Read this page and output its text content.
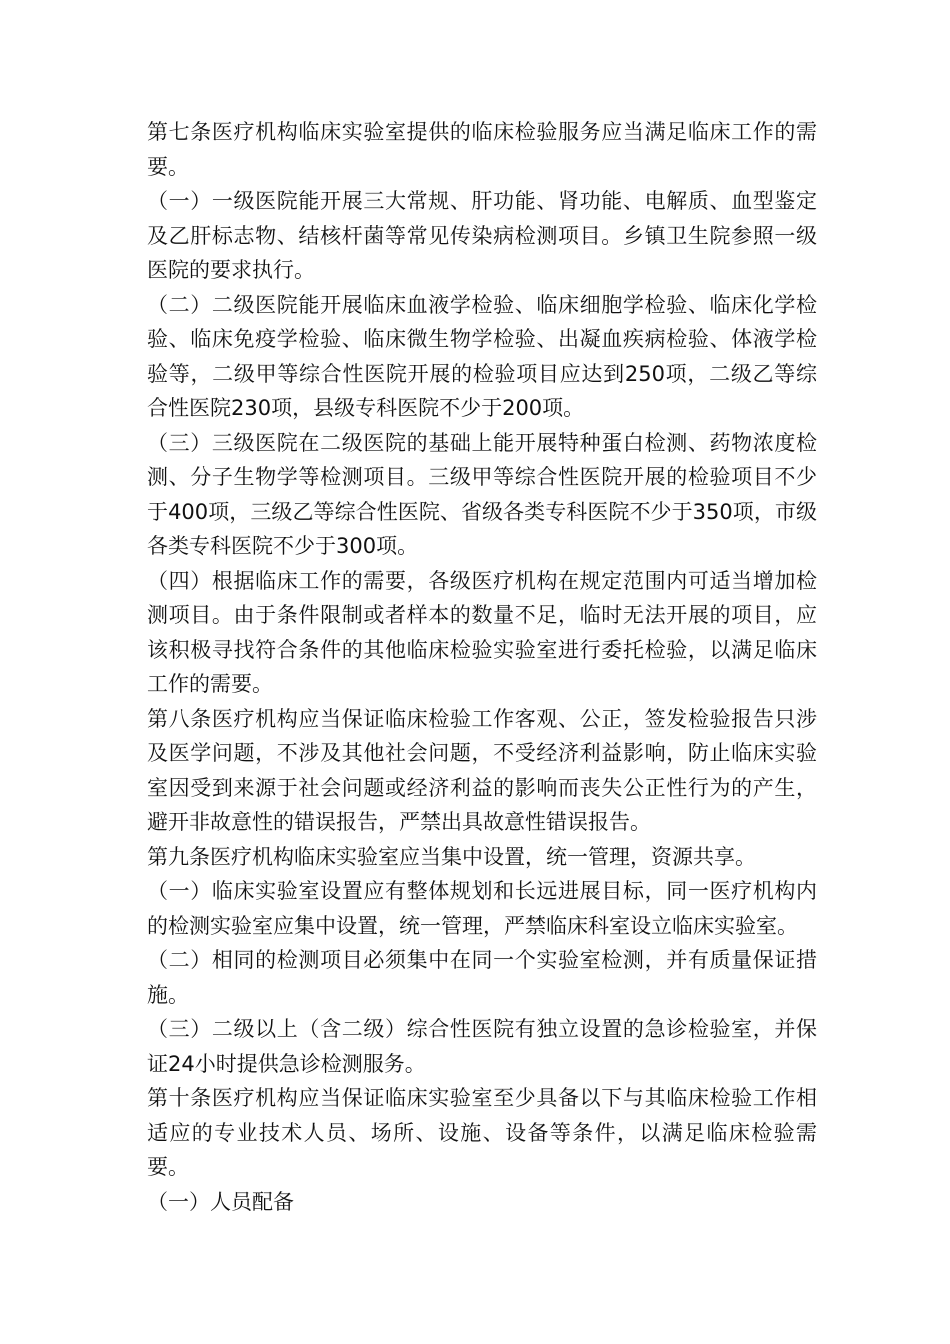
第七条医疗机构临床实验室提供的临床检验服务应当满足临床工作的需要。

（一）一级医院能开展三大常规、肝功能、肾功能、电解质、血型鉴定及乙肝标志物、结核杆菌等常见传染病检测项目。乡镇卫生院参照一级医院的要求执行。

（二）二级医院能开展临床血液学检验、临床细胞学检验、临床化学检验、临床免疫学检验、临床微生物学检验、出凝血疾病检验、体液学检验等，二级甲等综合性医院开展的检验项目应达到250项，二级乙等综合性医院230项，县级专科医院不少于200项。

（三）三级医院在二级医院的基础上能开展特种蛋白检测、药物浓度检测、分子生物学等检测项目。三级甲等综合性医院开展的检验项目不少于400项，三级乙等综合性医院、省级各类专科医院不少于350项，市级各类专科医院不少于300项。

（四）根据临床工作的需要，各级医疗机构在规定范围内可适当增加检测项目。由于条件限制或者样本的数量不足，临时无法开展的项目，应该积极寻找符合条件的其他临床检验实验室进行委托检验，以满足临床工作的需要。

第八条医疗机构应当保证临床检验工作客观、公正，签发检验报告只涉及医学问题，不涉及其他社会问题，不受经济利益影响，防止临床实验室因受到来源于社会问题或经济利益的影响而丧失公正性行为的产生，避开非故意性的错误报告，严禁出具故意性错误报告。

第九条医疗机构临床实验室应当集中设置，统一管理，资源共享。

（一）临床实验室设置应有整体规划和长远进展目标，同一医疗机构内的检测实验室应集中设置，统一管理，严禁临床科室设立临床实验室。

（二）相同的检测项目必须集中在同一个实验室检测，并有质量保证措施。

（三）二级以上（含二级）综合性医院有独立设置的急诊检验室，并保证24小时提供急诊检测服务。

第十条医疗机构应当保证临床实验室至少具备以下与其临床检验工作相适应的专业技术人员、场所、设施、设备等条件，以满足临床检验需要。

（一）人员配备
